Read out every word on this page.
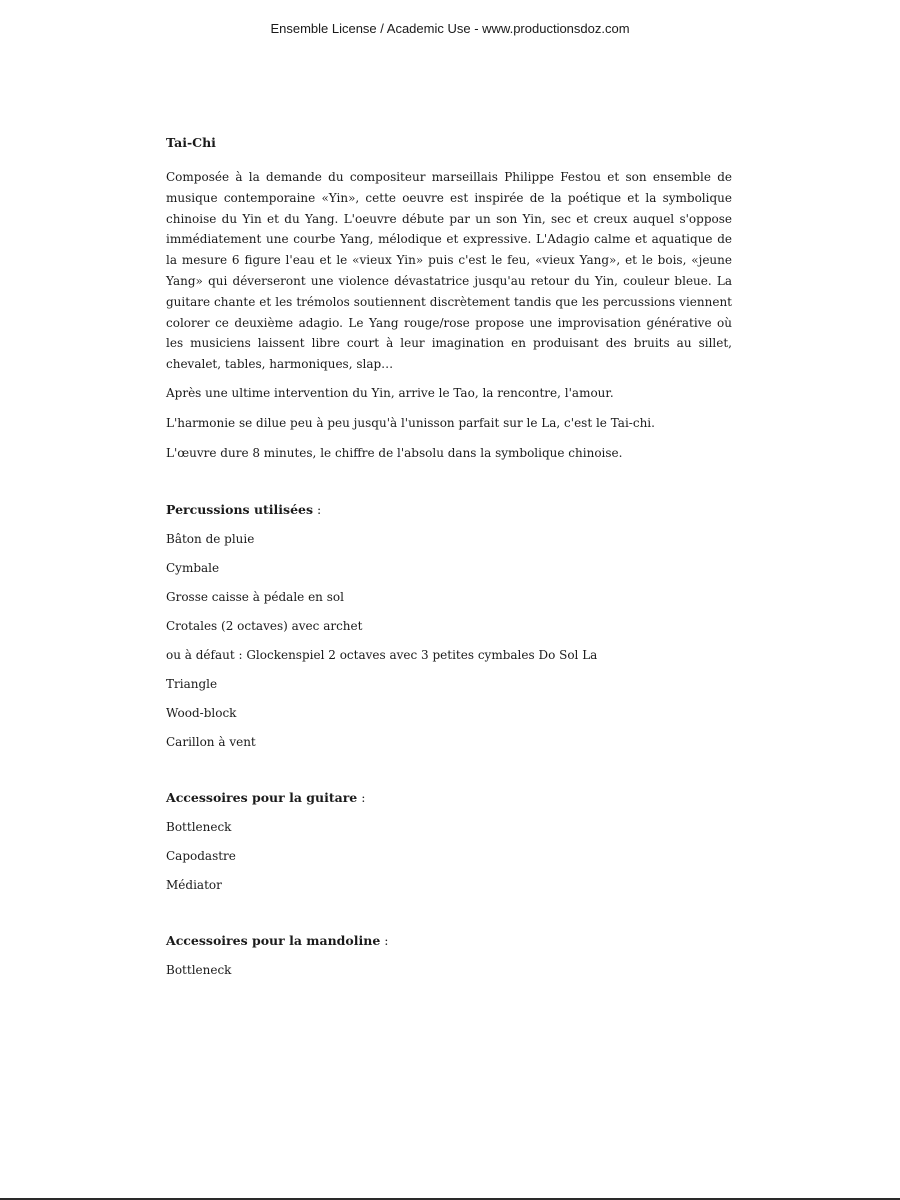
Ensemble License / Academic Use - www.productionsdoz.com
Tai-Chi

Composée à la demande du compositeur marseillais Philippe Festou et son ensemble de musique contemporaine «Yin», cette oeuvre est inspirée de la poétique et la symbolique chinoise du Yin et du Yang. L'oeuvre débute par un son Yin, sec et creux auquel s'oppose immédiatement une courbe Yang, mélodique et expressive. L'Adagio calme et aquatique de la mesure 6 figure l'eau et le «vieux Yin» puis c'est le feu, «vieux Yang», et le bois, «jeune Yang» qui déverseront une violence dévastatrice jusqu'au retour du Yin, couleur bleue. La guitare chante et les trémolos soutiennent discrètement tandis que les percussions viennent colorer ce deuxième adagio. Le Yang rouge/rose propose une improvisation générative où les musiciens laissent libre court à leur imagination en produisant des bruits au sillet, chevalet, tables, harmoniques, slap…

Après une ultime intervention du Yin, arrive le Tao, la rencontre, l'amour.

L'harmonie se dilue peu à peu jusqu'à l'unisson parfait sur le La, c'est le Tai-chi.

L'œuvre dure 8 minutes, le chiffre de l'absolu dans la symbolique chinoise.

Percussions utilisées :
Bâton de pluie
Cymbale
Grosse caisse à pédale en sol
Crotales (2 octaves) avec archet
ou à défaut : Glockenspiel 2 octaves avec 3 petites cymbales Do Sol La
Triangle
Wood-block
Carillon à vent
Accessoires pour la guitare :
Bottleneck
Capodastre
Médiator
Accessoires pour la mandoline :
Bottleneck
